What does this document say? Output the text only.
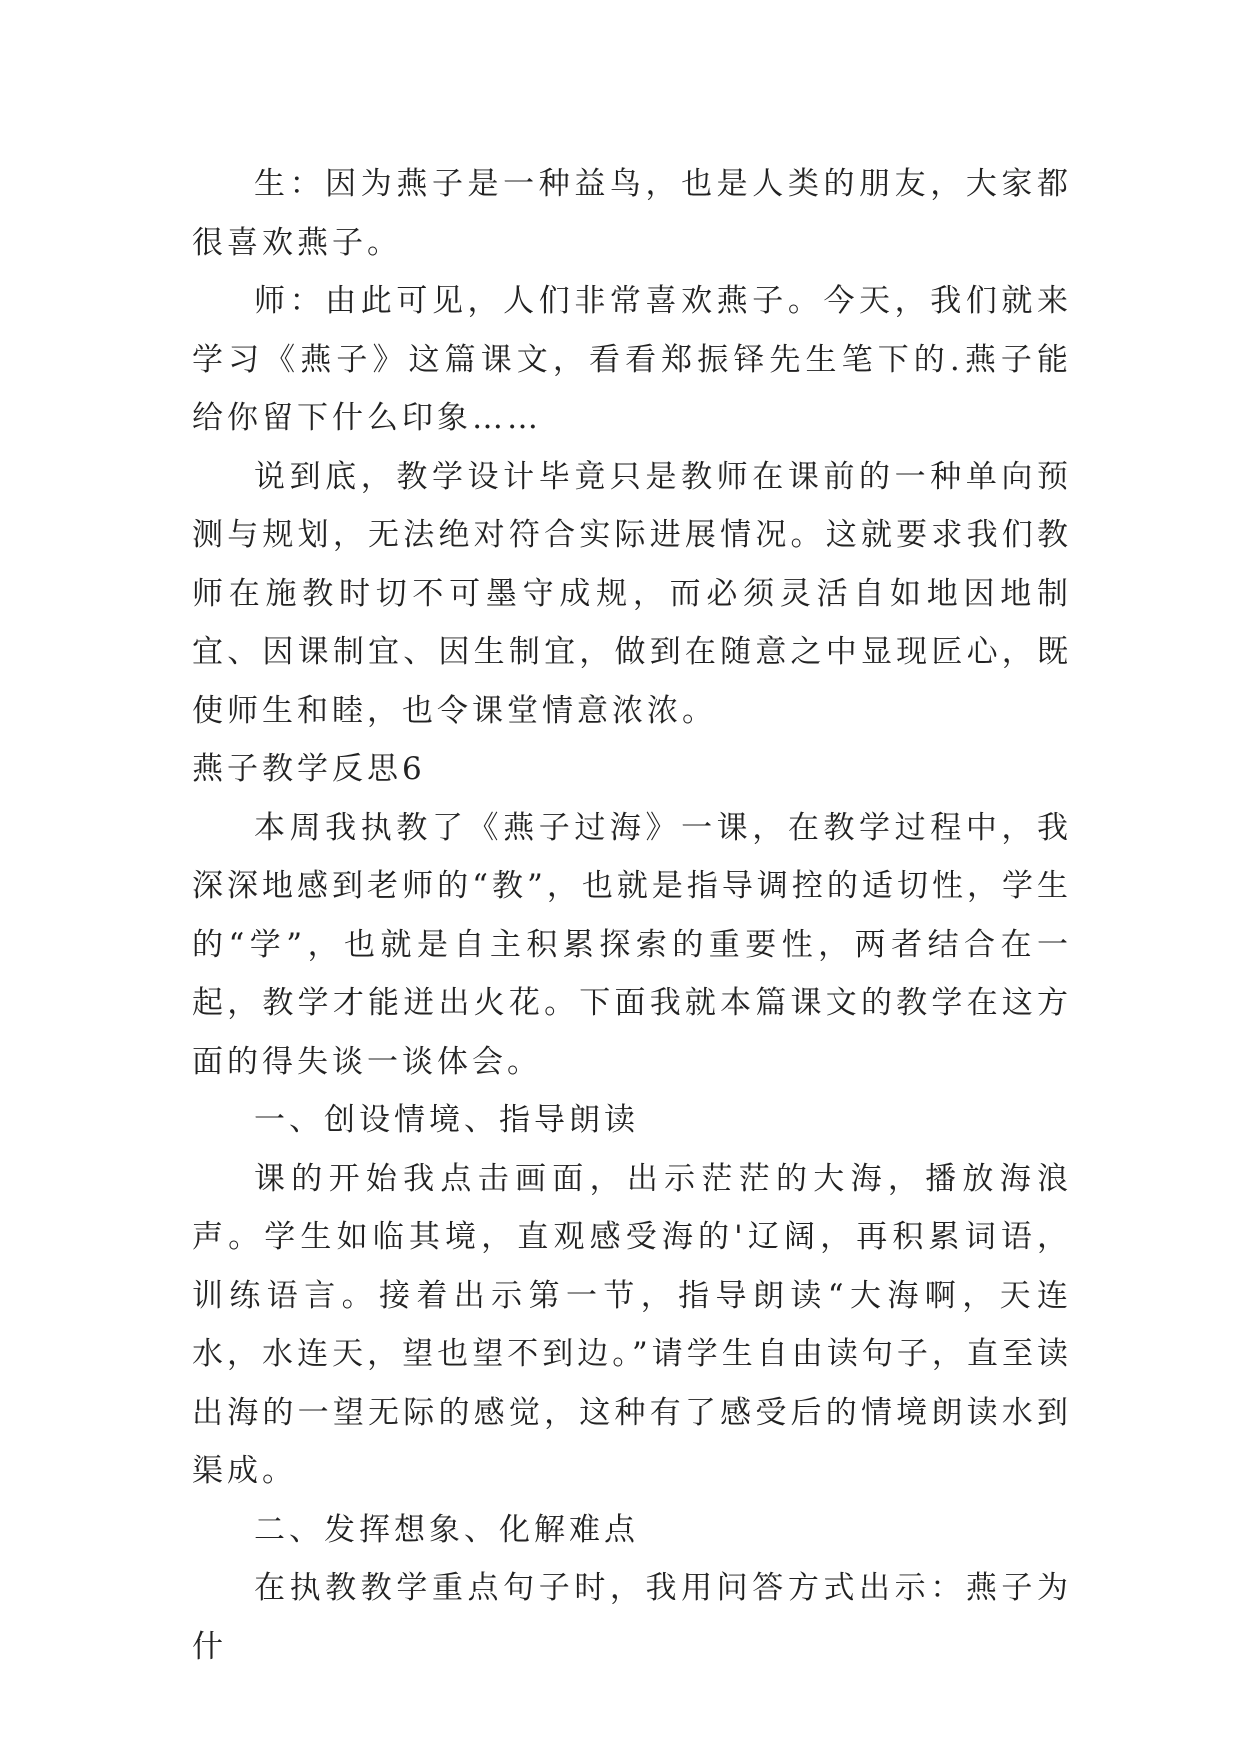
生：因为燕子是一种益鸟，也是人类的朋友，大家都很喜欢燕子。

师：由此可见，人们非常喜欢燕子。今天，我们就来学习《燕子》这篇课文，看看郑振铎先生笔下的.燕子能给你留下什么印象……

说到底，教学设计毕竟只是教师在课前的一种单向预测与规划，无法绝对符合实际进展情况。这就要求我们教师在施教时切不可墨守成规，而必须灵活自如地因地制宜、因课制宜、因生制宜，做到在随意之中显现匠心，既使师生和睦，也令课堂情意浓浓。

燕子教学反思6

本周我执教了《燕子过海》一课，在教学过程中，我深深地感到老师的“教”，也就是指导调控的适切性，学生的“学”，也就是自主积累探索的重要性，两者结合在一起，教学才能迸出火花。下面我就本篇课文的教学在这方面的得失谈一谈体会。

一、创设情境、指导朗读

课的开始我点击画面，出示茫茫的大海，播放海浪声。学生如临其境，直观感受海的'辽阔，再积累词语，训练语言。接着出示第一节，指导朗读“大海啊，天连水，水连天，望也望不到边。”请学生自由读句子，直至读出海的一望无际的感觉，这种有了感受后的情境朗读水到渠成。

二、发挥想象、化解难点

在执教教学重点句子时，我用问答方式出示：燕子为什
